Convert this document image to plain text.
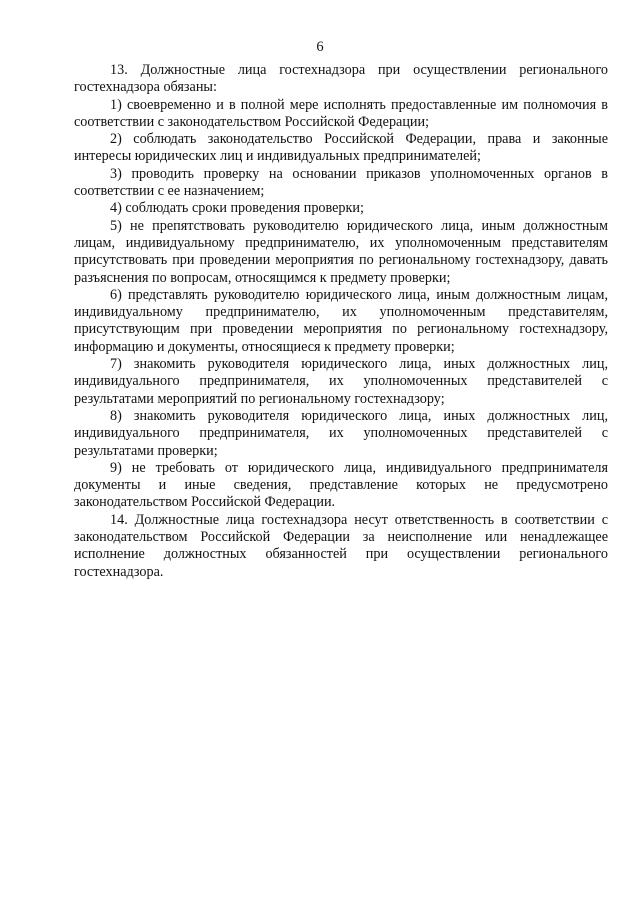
6

13. Должностные лица гостехнадзора при осуществлении регионального гостехнадзора обязаны:

1) своевременно и в полной мере исполнять предоставленные им полномочия в соответствии с законодательством Российской Федерации;

2) соблюдать законодательство Российской Федерации, права и законные интересы юридических лиц и индивидуальных предпринимателей;

3) проводить проверку на основании приказов уполномоченных органов в соответствии с ее назначением;

4) соблюдать сроки проведения проверки;

5) не препятствовать руководителю юридического лица, иным должностным лицам, индивидуальному предпринимателю, их уполномоченным представителям присутствовать при проведении мероприятия по региональному гостехнадзору, давать разъяснения по вопросам, относящимся к предмету проверки;

6) представлять руководителю юридического лица, иным должностным лицам, индивидуальному предпринимателю, их уполномоченным представителям, присутствующим при проведении мероприятия по региональному гостехнадзору, информацию и документы, относящиеся к предмету проверки;

7) знакомить руководителя юридического лица, иных должностных лиц, индивидуального предпринимателя, их уполномоченных представителей с результатами мероприятий по региональному гостехнадзору;

8) знакомить руководителя юридического лица, иных должностных лиц, индивидуального предпринимателя, их уполномоченных представителей с результатами проверки;

9) не требовать от юридического лица, индивидуального предпринимателя документы и иные сведения, представление которых не предусмотрено законодательством Российской Федерации.

14. Должностные лица гостехнадзора несут ответственность в соответствии с законодательством Российской Федерации за неисполнение или ненадлежащее исполнение должностных обязанностей при осуществлении регионального гостехнадзора.
